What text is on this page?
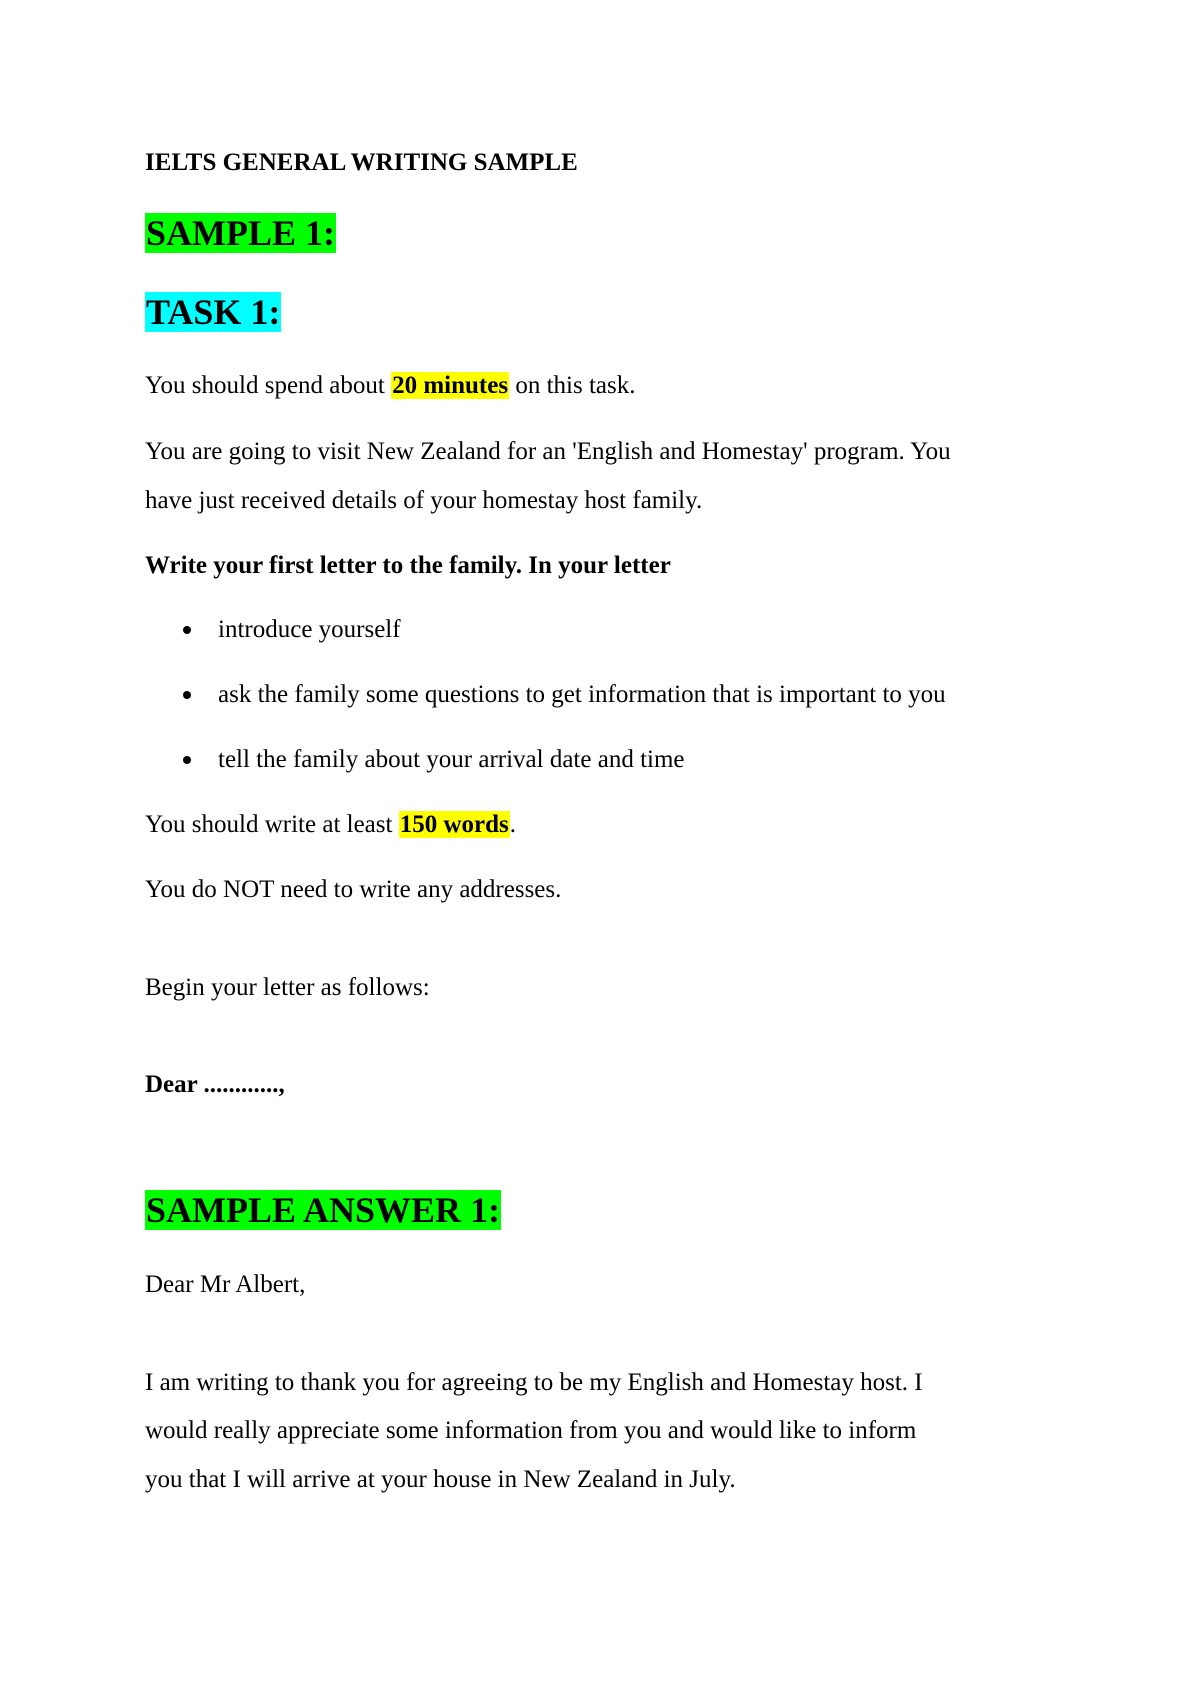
IELTS GENERAL WRITING SAMPLE
SAMPLE 1:
TASK 1:
You should spend about 20 minutes on this task.
You are going to visit New Zealand for an 'English and Homestay' program. You
have just received details of your homestay host family.
Write your first letter to the family. In your letter
introduce yourself
ask the family some questions to get information that is important to you
tell the family about your arrival date and time
You should write at least 150 words.
You do NOT need to write any addresses.
Begin your letter as follows:
Dear ............,
SAMPLE ANSWER 1:
Dear Mr Albert,
I am writing to thank you for agreeing to be my English and Homestay host. I
would really appreciate some information from you and would like to inform
you that I will arrive at your house in New Zealand in July.
